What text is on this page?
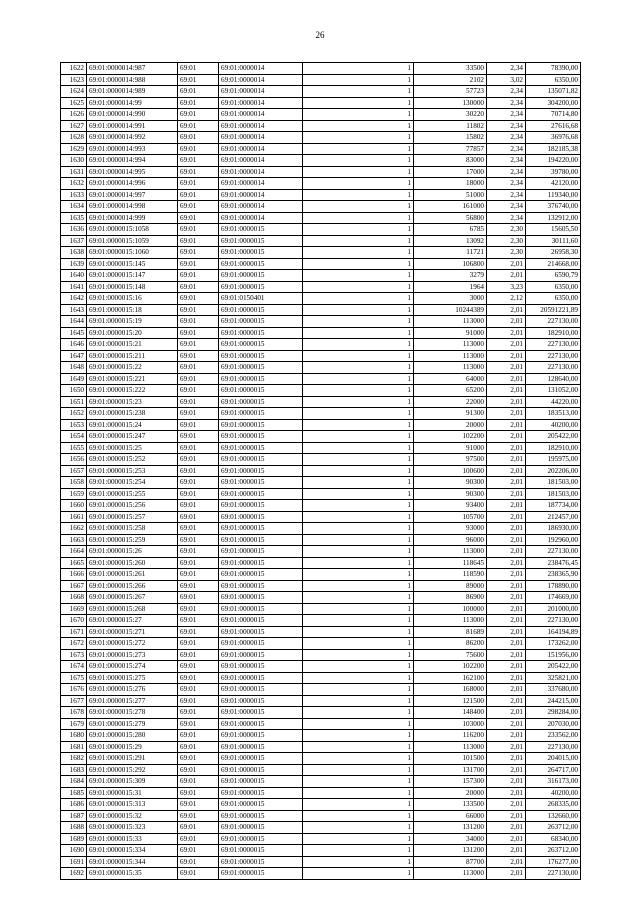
26
1622	69:01:0000014:987	69:01	69:01:0000014	1	33500	2,34	78390,00
1623	69:01:0000014:988	69:01	69:01:0000014	1	2102	3,02	6350,00
1624	69:01:0000014:989	69:01	69:01:0000014	1	57723	2,34	135071,82
1625	69:01:0000014:99	69:01	69:01:0000014	1	130000	2,34	304200,00
1626	69:01:0000014:990	69:01	69:01:0000014	1	30220	2,34	70714,80
1627	69:01:0000014:991	69:01	69:01:0000014	1	11802	2,34	27616,68
1628	69:01:0000014:992	69:01	69:01:0000014	1	15802	2,34	36976,68
1629	69:01:0000014:993	69:01	69:01:0000014	1	77857	2,34	182185,38
1630	69:01:0000014:994	69:01	69:01:0000014	1	83000	2,34	194220,00
1631	69:01:0000014:995	69:01	69:01:0000014	1	17000	2,34	39780,00
1632	69:01:0000014:996	69:01	69:01:0000014	1	18000	2,34	42120,00
1633	69:01:0000014:997	69:01	69:01:0000014	1	51000	2,34	119340,00
1634	69:01:0000014:998	69:01	69:01:0000014	1	161000	2,34	376740,00
1635	69:01:0000014:999	69:01	69:01:0000014	1	56800	2,34	132912,00
1636	69:01:0000015:1058	69:01	69:01:0000015	1	6785	2,30	15605,50
1637	69:01:0000015:1059	69:01	69:01:0000015	1	13092	2,30	30111,60
1638	69:01:0000015:1060	69:01	69:01:0000015	1	11721	2,30	26958,30
1639	69:01:0000015:145	69:01	69:01:0000015	1	106800	2,01	214668,00
1640	69:01:0000015:147	69:01	69:01:0000015	1	3279	2,01	6590,79
1641	69:01:0000015:148	69:01	69:01:0000015	1	1964	3,23	6350,00
1642	69:01:0000015:16	69:01	69:01:0150401	1	3000	2,12	6350,00
1643	69:01:0000015:18	69:01	69:01:0000015	1	10244389	2,01	20591221,89
1644	69:01:0000015:19	69:01	69:01:0000015	1	113000	2,01	227130,00
1645	69:01:0000015:20	69:01	69:01:0000015	1	91000	2,01	182910,00
1646	69:01:0000015:21	69:01	69:01:0000015	1	113000	2,01	227130,00
1647	69:01:0000015:211	69:01	69:01:0000015	1	113000	2,01	227130,00
1648	69:01:0000015:22	69:01	69:01:0000015	1	113000	2,01	227130,00
1649	69:01:0000015:221	69:01	69:01:0000015	1	64000	2,01	128640,00
1650	69:01:0000015:222	69:01	69:01:0000015	1	65200	2,01	131052,00
1651	69:01:0000015:23	69:01	69:01:0000015	1	22000	2,01	44220,00
1652	69:01:0000015:238	69:01	69:01:0000015	1	91300	2,01	183513,00
1653	69:01:0000015:24	69:01	69:01:0000015	1	20000	2,01	40200,00
1654	69:01:0000015:247	69:01	69:01:0000015	1	102200	2,01	205422,00
1655	69:01:0000015:25	69:01	69:01:0000015	1	91000	2,01	182910,00
1656	69:01:0000015:252	69:01	69:01:0000015	1	97500	2,01	195975,00
1657	69:01:0000015:253	69:01	69:01:0000015	1	100600	2,01	202206,00
1658	69:01:0000015:254	69:01	69:01:0000015	1	90300	2,01	181503,00
1659	69:01:0000015:255	69:01	69:01:0000015	1	90300	2,01	181503,00
1660	69:01:0000015:256	69:01	69:01:0000015	1	93400	2,01	187734,00
1661	69:01:0000015:257	69:01	69:01:0000015	1	105700	2,01	212457,00
1662	69:01:0000015:258	69:01	69:01:0000015	1	93000	2,01	186930,00
1663	69:01:0000015:259	69:01	69:01:0000015	1	96000	2,01	192960,00
1664	69:01:0000015:26	69:01	69:01:0000015	1	113000	2,01	227130,00
1665	69:01:0000015:260	69:01	69:01:0000015	1	118645	2,01	238476,45
1666	69:01:0000015:261	69:01	69:01:0000015	1	118590	2,01	238365,90
1667	69:01:0000015:266	69:01	69:01:0000015	1	89000	2,01	178890,00
1668	69:01:0000015:267	69:01	69:01:0000015	1	86900	2,01	174669,00
1669	69:01:0000015:268	69:01	69:01:0000015	1	100000	2,01	201000,00
1670	69:01:0000015:27	69:01	69:01:0000015	1	113000	2,01	227130,00
1671	69:01:0000015:271	69:01	69:01:0000015	1	81689	2,01	164194,89
1672	69:01:0000015:272	69:01	69:01:0000015	1	86200	2,01	173262,00
1673	69:01:0000015:273	69:01	69:01:0000015	1	75600	2,01	151956,00
1674	69:01:0000015:274	69:01	69:01:0000015	1	102200	2,01	205422,00
1675	69:01:0000015:275	69:01	69:01:0000015	1	162100	2,01	325821,00
1676	69:01:0000015:276	69:01	69:01:0000015	1	168000	2,01	337680,00
1677	69:01:0000015:277	69:01	69:01:0000015	1	121500	2,01	244215,00
1678	69:01:0000015:278	69:01	69:01:0000015	1	148400	2,01	298284,00
1679	69:01:0000015:279	69:01	69:01:0000015	1	103000	2,01	207030,00
1680	69:01:0000015:280	69:01	69:01:0000015	1	116200	2,01	233562,00
1681	69:01:0000015:29	69:01	69:01:0000015	1	113000	2,01	227130,00
1682	69:01:0000015:291	69:01	69:01:0000015	1	101500	2,01	204015,00
1683	69:01:0000015:292	69:01	69:01:0000015	1	131700	2,01	264717,00
1684	69:01:0000015:309	69:01	69:01:0000015	1	157300	2,01	316173,00
1685	69:01:0000015:31	69:01	69:01:0000015	1	20000	2,01	40200,00
1686	69:01:0000015:313	69:01	69:01:0000015	1	133500	2,01	268335,00
1687	69:01:0000015:32	69:01	69:01:0000015	1	66000	2,01	132660,00
1688	69:01:0000015:323	69:01	69:01:0000015	1	131200	2,01	263712,00
1689	69:01:0000015:33	69:01	69:01:0000015	1	34000	2,01	68340,00
1690	69:01:0000015:334	69:01	69:01:0000015	1	131200	2,01	263712,00
1691	69:01:0000015:344	69:01	69:01:0000015	1	87700	2,01	176277,00
1692	69:01:0000015:35	69:01	69:01:0000015	1	113000	2,01	227130,00
